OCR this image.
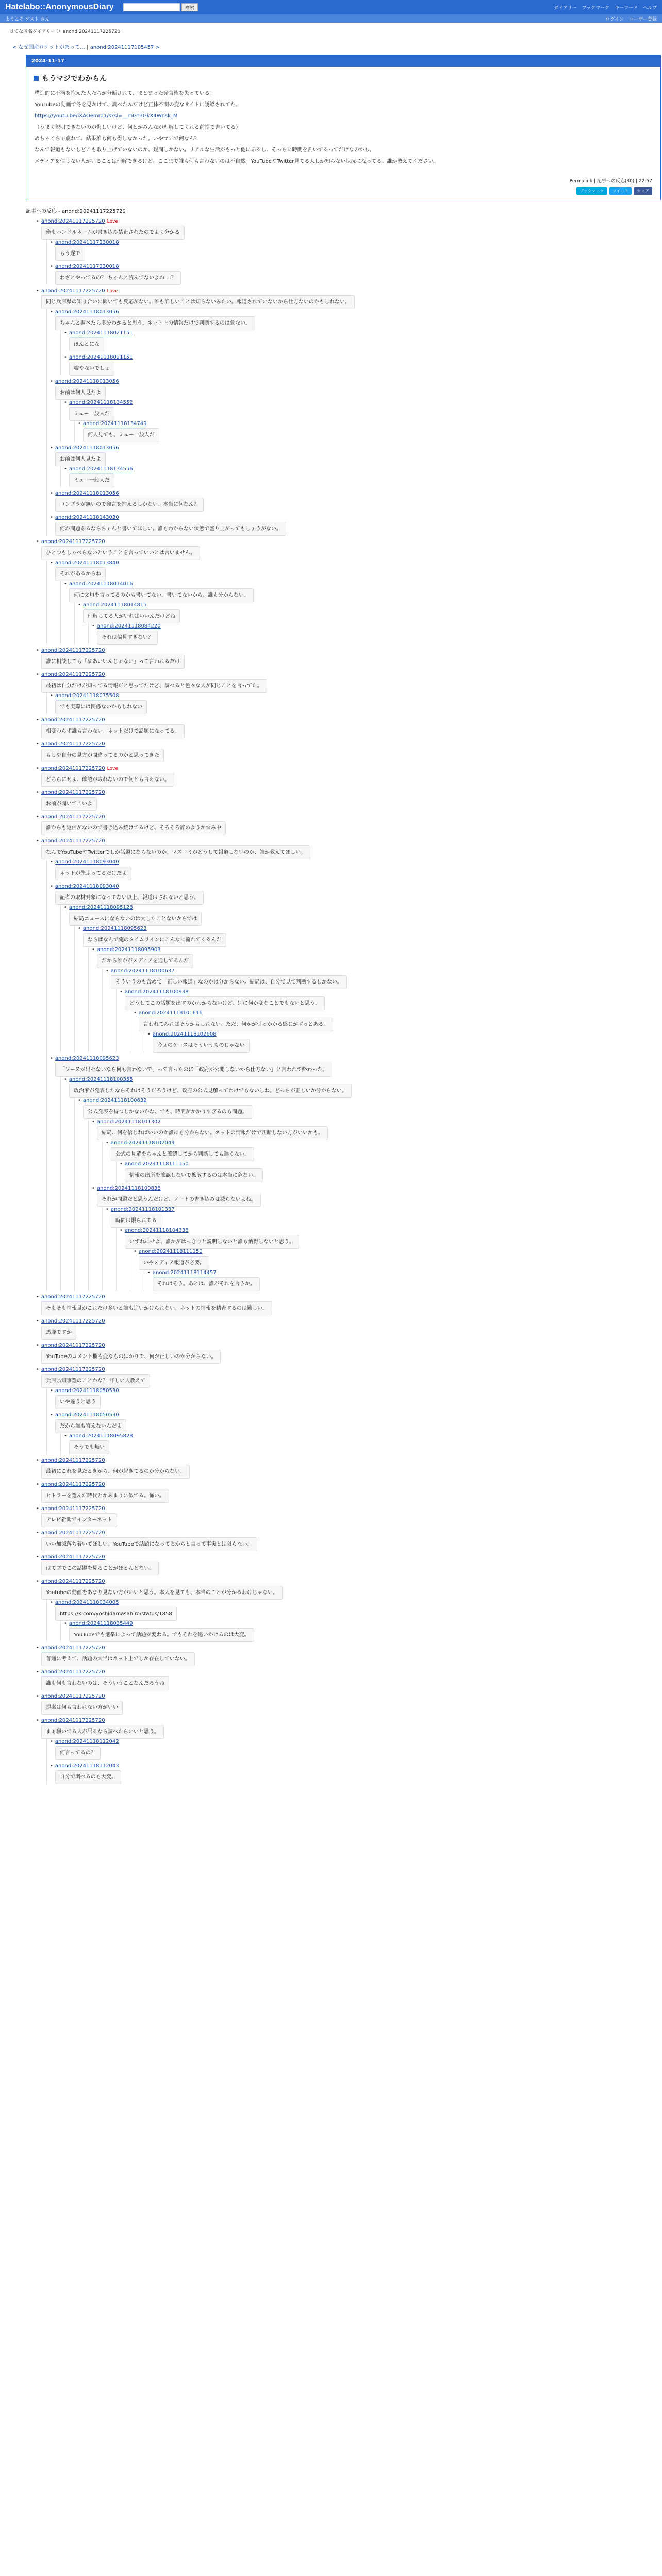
Hatelabo::AnonymousDiary	検索	ダイアリー ブックマーク キーワード ヘルプ
ようこそ ゲスト さん	ログイン ユーザー登録
はてな匿名ダイアリー ＞ anond:20241117225720
< なぜ国産ロケットがあって… | anond:20241117105457 >
2024-11-17
もうマジでわからん

構造的に不満を抱えた人たちが分断されて、まとまった発言権を失っている。

YouTubeの動画で冬を見かけて、調べたんだけど正体不明の変なサイトに誘導されてた。

https://youtu.be/iXAOemrd1/s?si=__mGY3GkX4Wnsk_M

（うまく説明できないのが悔しいけど、何とかみんなが理解してくれる前提で書いてる）

めちゃくちゃ疲れて、結果誰も何も得しなかった。いやマジで何なん？

なんで報道もないしどこも取り上げていないのか、疑問しかない。リアルな生活がもっと他にあるし、そっちに時間を割いてるってだけなのかも。

メディアを信じない人がいることは理解できるけど、ここまで誰も何も言わないのは不自然。YouTubeやTwitter見てる人しか知らない状況になってる。誰か教えてください。

Permalink | 記事への反応(30) | 22:57
ブックマーク	ツイート	シェア
記事への反応 - anond:20241117225720
• anond:20241117225720 Love
俺もハンドルネームが書き込み禁止されたのでよく分かる
• anond:20241117230018
もう遅で
• anond:20241117230018
わざとやってるの？ ちゃんと読んでないよね ...？
• anond:20241117225720 Love
同じ兵庫県の知り合いに聞いても反応がない。誰も詳しいことは知らないみたい。報道されていないから仕方ないのかもしれない。
• anond:20241118013056
ちゃんと調べたら多分わかると思う。ネット上の情報だけで判断するのは危ない。
• anond:20241118021151
ほんとにな
• anond:20241118021151
嘘やないでしょ
• anond:20241118013056
お前は何人見たよ
• anond:20241118134552
ミュー一般人だ
• anond:20241118134749
何人見ても、ミュー一般人だ
• anond:20241118013056
お前は何人見たよ
• anond:20241118134556
ミュー一般人だ
• anond:20241118013056
コンプラが無いので発言を控えるしかない。本当に何なん？
• anond:20241118143030
何か問題あるならちゃんと書いてほしい。誰もわからない状態で盛り上がってもしょうがない。
• anond:20241117225720
ひとつもしゃべらないということを言っていいとは言いません。
• anond:20241118013840
それがあるからね
• anond:20241118014016
何に文句を言ってるのかも書いてない。書いてないから、誰も分からない。
• anond:20241118014815
理解してる人がいればいいんだけどね
• anond:20241118084220
それは偏見すぎない？
• anond:20241117225720
誰に相談しても「まあいいんじゃない」って言われるだけ
• anond:20241117225720
最初は自分だけが知ってる情報だと思ってたけど、調べると色々な人が同じことを言ってた。
• anond:20241118075508
でも実際には関係ないかもしれない
• anond:20241117225720
相変わらず誰も言わない。ネットだけで話題になってる。
• anond:20241117225720
もしや自分の見方が間違ってるのかと思ってきた
• anond:20241117225720 Love
どちらにせよ、確認が取れないので何とも言えない。
• anond:20241117225720
お前が聞いてこいよ
• anond:20241117225720
誰からも返信がないので書き込み続けてるけど、そろそろ辞めようか悩み中
• anond:20241117225720
なんでYouTubeやTwitterでしか話題にならないのか。マスコミがどうして報道しないのか、誰か教えてほしい。
• anond:20241118093040
ネットが先走ってるだけだよ
• anond:20241118093040
記者の取材対象になってない以上、報道はされないと思う。
• anond:20241118095128
結局ニュースにならないのは大したことないからでは
• anond:20241118095623
ならばなんで俺のタイムラインにこんなに流れてくるんだ
• anond:20241118095903
だから誰かがメディアを通してるんだ
• anond:20241118100637
そういうのも含めて「正しい報道」なのかは分からない。結局は、自分で見て判断するしかない。
• anond:20241118100938
どうしてこの話題を出すのかわからないけど、別に何か変なことでもないと思う。
• anond:20241118101616
言われてみればそうかもしれない。ただ、何かが引っかかる感じがずっとある。
• anond:20241118102608
今回のケースはそういうものじゃない
• anond:20241118095623
「ソースが出せないなら何も言わないで」って言ったのに「政府が公開しないから仕方ない」と言われて終わった。
• anond:20241118100355
政治家が発表したならそれはそうだろうけど、政府の公式見解ってわけでもないしね。どっちが正しいか分からない。
• anond:20241118100632
公式発表を待つしかないかな。でも、時間がかかりすぎるのも問題。
• anond:20241118101302
結局、何を信じればいいのか誰にも分からない。ネットの情報だけで判断しない方がいいかも。
• anond:20241118102049
公式の見解をちゃんと確認してから判断しても遅くない。
• anond:20241118111150
情報の出所を確認しないで拡散するのは本当に危ない。
• anond:20241118100838
それが問題だと思うんだけど、ノートの書き込みは減らないよね。
• anond:20241118101337
時間は限られてる
• anond:20241118104338
いずれにせよ、誰かがはっきりと説明しないと誰も納得しないと思う。
• anond:20241118111150
いやメディア報道が必要。
• anond:20241118114457
それはそう。あとは、誰がそれを言うか。
• anond:20241117225720
そもそも情報量がこれだけ多いと誰も追いかけられない。ネットの情報を精査するのは難しい。
• anond:20241117225720
馬鹿ですか
• anond:20241117225720
YouTubeのコメント欄も変なものばかりで、何が正しいのか分からない。
• anond:20241117225720
兵庫県知事選のことかな？ 詳しい人教えて
• anond:20241118050530
いや違うと思う
• anond:20241118050530
だから誰も答えないんだよ
• anond:20241118095828
そうでも無い
• anond:20241117225720
最初にこれを見たときから、何が起きてるのか分からない。
• anond:20241117225720
ヒトラーを選んだ時代とかあまりに似てる。怖い。
• anond:20241117225720
テレビ新聞でインターネット
• anond:20241117225720
いい加減落ち着いてほしい。YouTubeで話題になってるからと言って事実とは限らない。
• anond:20241117225720
はてブでこの話題を見ることがほとんどない。
• anond:20241117225720
Youtubeの動画をあまり見ない方がいいと思う。本人を見ても、本当のことが分かるわけじゃない。
• anond:20241118034005
https://x.com/yoshidamasahiro/status/1858
• anond:20241118035449
YouTubeでも選挙によって話題が変わる。でもそれを追いかけるのは大変。
• anond:20241117225720
普通に考えて、話題の大半はネット上でしか存在していない。
• anond:20241117225720
誰も何も言わないのは、そういうことなんだろうね
• anond:20241117225720
提案は何も言われない方がいい
• anond:20241117225720
まぁ騒いでる人が居るなら調べたらいいと思う。
• anond:20241118112042
何言ってるの？
• anond:20241118112043
自分で調べるのも大変。
